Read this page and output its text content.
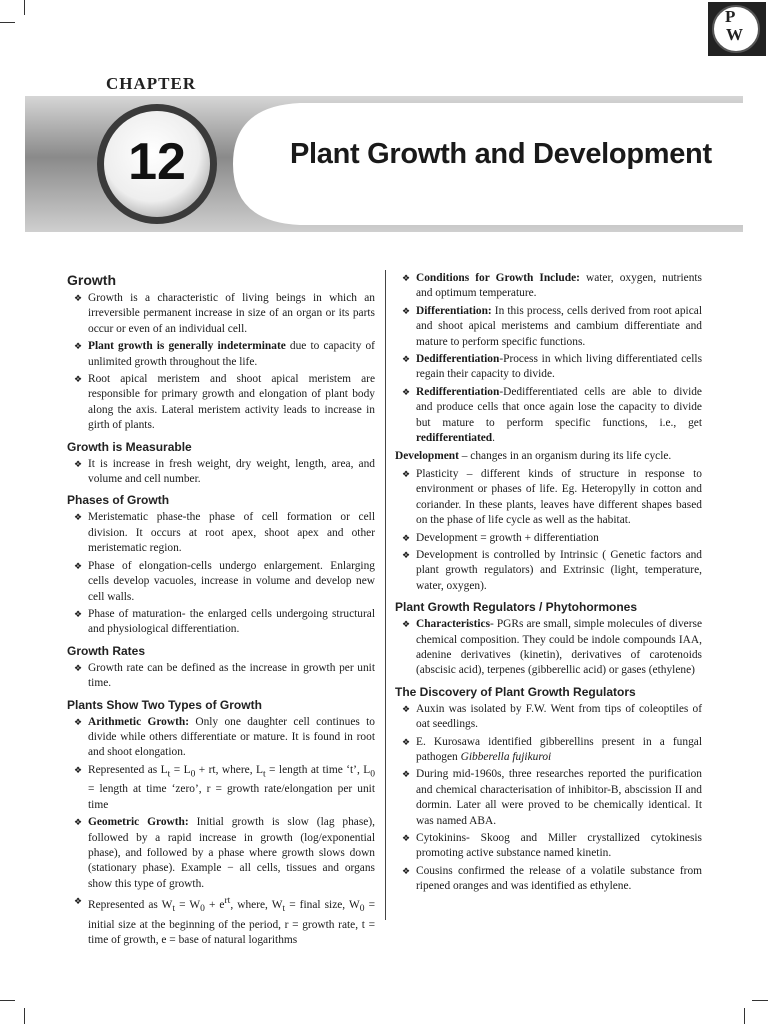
P
W
CHAPTER
12	Plant Growth and Development
Growth
❖ Growth is a characteristic of living beings in which an irreversible permanent increase in size of an organ or its parts occur or even of an individual cell.
❖ Plant growth is generally indeterminate due to capacity of unlimited growth throughout the life.
❖ Root apical meristem and shoot apical meristem are responsible for primary growth and elongation of plant body along the axis. Lateral meristem activity leads to increase in girth of plants.
Growth is Measurable
❖ It is increase in fresh weight, dry weight, length, area, and volume and cell number.
Phases of Growth
❖ Meristematic phase-the phase of cell formation or cell division. It occurs at root apex, shoot apex and other meristematic region.
❖ Phase of elongation-cells undergo enlargement. Enlarging cells develop vacuoles, increase in volume and develop new cell walls.
❖ Phase of maturation- the enlarged cells undergoing structural and physiological differentiation.
Growth Rates
❖ Growth rate can be defined as the increase in growth per unit time.
Plants Show Two Types of Growth
❖ Arithmetic Growth: Only one daughter cell continues to divide while others differentiate or mature. It is found in root and shoot elongation.
❖ Represented as $L_t = L_0$ + rt, where, $L_t$ = length at time ‘t’, $L_0$ = length at time ‘zero’, r = growth rate/elongation per unit time
❖ Geometric Growth: Initial growth is slow (lag phase), followed by a rapid increase in growth (log/exponential phase), and followed by a phase where growth slows down (stationary phase). Example − all cells, tissues and organs show this type of growth.
❖ Represented as $W_t = W_0 + e^{rt}$, where, $W_t$ = final size, $W_0$ = initial size at the beginning of the period, r = growth rate, t = time of growth, e = base of natural logarithms
❖ Conditions for Growth Include: water, oxygen, nutrients and optimum temperature.
❖ Differentiation: In this process, cells derived from root apical and shoot apical meristems and cambium differentiate and mature to perform specific functions.
❖ Dedifferentiation-Process in which living differentiated cells regain their capacity to divide.
❖ Redifferentiation-Dedifferentiated cells are able to divide and produce cells that once again lose the capacity to divide but mature to perform specific functions, i.e., get redifferentiated.
Development – changes in an organism during its life cycle.
❖ Plasticity – different kinds of structure in response to environment or phases of life. Eg. Heteropylly in cotton and coriander. In these plants, leaves have different shapes based on the phase of life cycle as well as the habitat.
❖ Development = growth + differentiation
❖ Development is controlled by Intrinsic ( Genetic factors and plant growth regulators) and Extrinsic (light, temperature, water, oxygen).
Plant Growth Regulators / Phytohormones
❖ Characteristics- PGRs are small, simple molecules of diverse chemical composition. They could be indole compounds IAA, adenine derivatives (kinetin), derivatives of carotenoids (abscisic acid), terpenes (gibberellic acid) or gases (ethylene)
The Discovery of Plant Growth Regulators
❖ Auxin was isolated by F.W. Went from tips of coleoptiles of oat seedlings.
❖ E. Kurosawa identified gibberellins present in a fungal pathogen Gibberella fujikuroi
❖ During mid-1960s, three researches reported the purification and chemical characterisation of inhibitor-B, abscission II and dormin. Later all were proved to be chemically identical. It was named ABA.
❖ Cytokinins- Skoog and Miller crystallized cytokinesis promoting active substance named kinetin.
❖ Cousins confirmed the release of a volatile substance from ripened oranges and was identified as ethylene.
